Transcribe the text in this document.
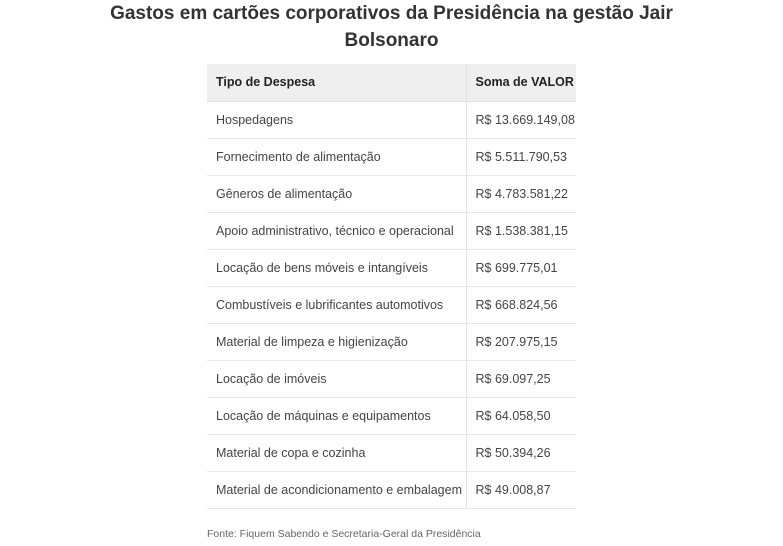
Gastos em cartões corporativos da Presidência na gestão Jair
Bolsonaro
Tipo de Despesa	Soma de VALOR
Hospedagens	R$ 13.669.149,08
Fornecimento de alimentação	R$ 5.511.790,53
Gêneros de alimentação	R$ 4.783.581,22
Apoio administrativo, técnico e operacional	R$ 1.538.381,15
Locação de bens móveis e intangíveis	R$ 699.775,01
Combustíveis e lubrificantes automotivos	R$ 668.824,56
Material de limpeza e higienização	R$ 207.975,15
Locação de imóveis	R$ 69.097,25
Locação de máquinas e equipamentos	R$ 64.058,50
Material de copa e cozinha	R$ 50.394,26
Material de acondicionamento e embalagem	R$ 49.008,87
Fonte: Fiquem Sabendo e Secretaria-Geral da Presidência
